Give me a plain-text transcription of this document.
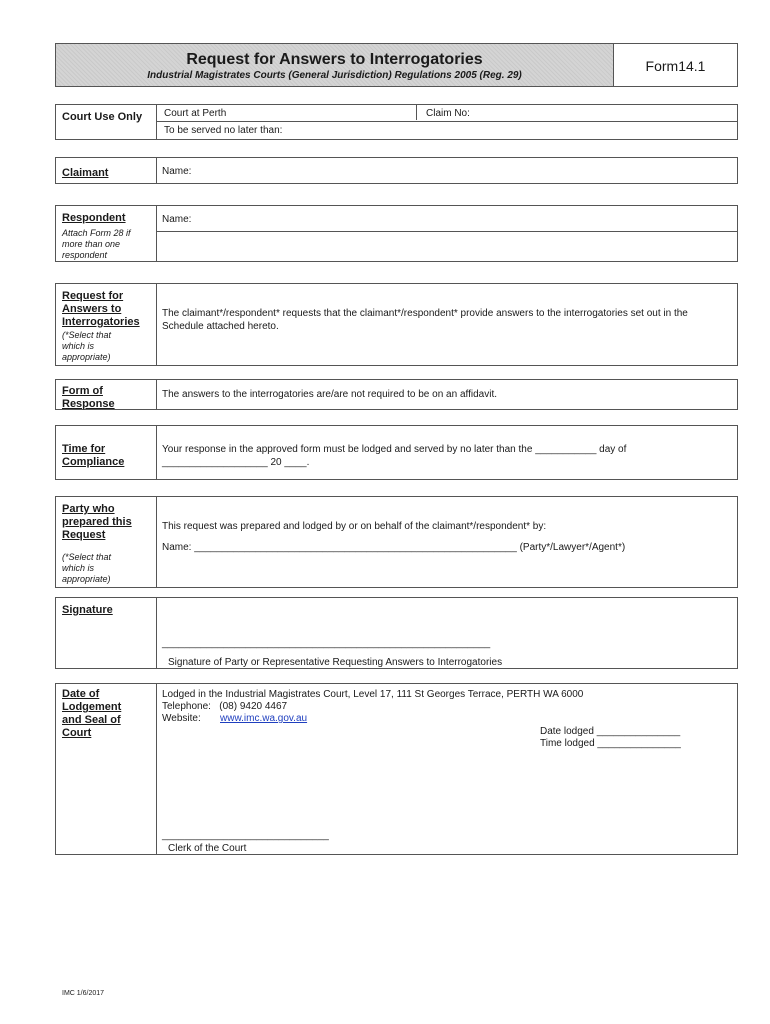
Request for Answers to Interrogatories
Industrial Magistrates Courts (General Jurisdiction) Regulations 2005 (Reg. 29)
Form14.1
Court Use Only Court at Perth	Claim No:
To be served no later than:
Claimant	Name:
Respondent
Attach Form 28 if more than one respondent
Name:
Request for Answers to Interrogatories
(*Select that which is appropriate)
The claimant*/respondent* requests that the claimant*/respondent* provide answers to the interrogatories set out in the Schedule attached hereto.
Form of Response
The answers to the interrogatories are/are not required to be on an affidavit.
Time for Compliance
Your response in the approved form must be lodged and served by no later than the ___________ day of ___________________ 20 ____.
Party who prepared this Request
(*Select that which is appropriate)
This request was prepared and lodged by or on behalf of the claimant*/respondent* by:
Name: __________________________________________________________ (Party*/Lawyer*/Agent*)
Signature
___________________________________________________________
Signature of Party or Representative Requesting Answers to Interrogatories
Date of Lodgement and Seal of Court
Lodged in the Industrial Magistrates Court, Level 17, 111 St Georges Terrace, PERTH WA 6000
Telephone:   (08) 9420 4467
Website: www.imc.wa.gov.au
Date lodged _______________
Time lodged _______________
______________________________
Clerk of the Court
IMC 1/6/2017
